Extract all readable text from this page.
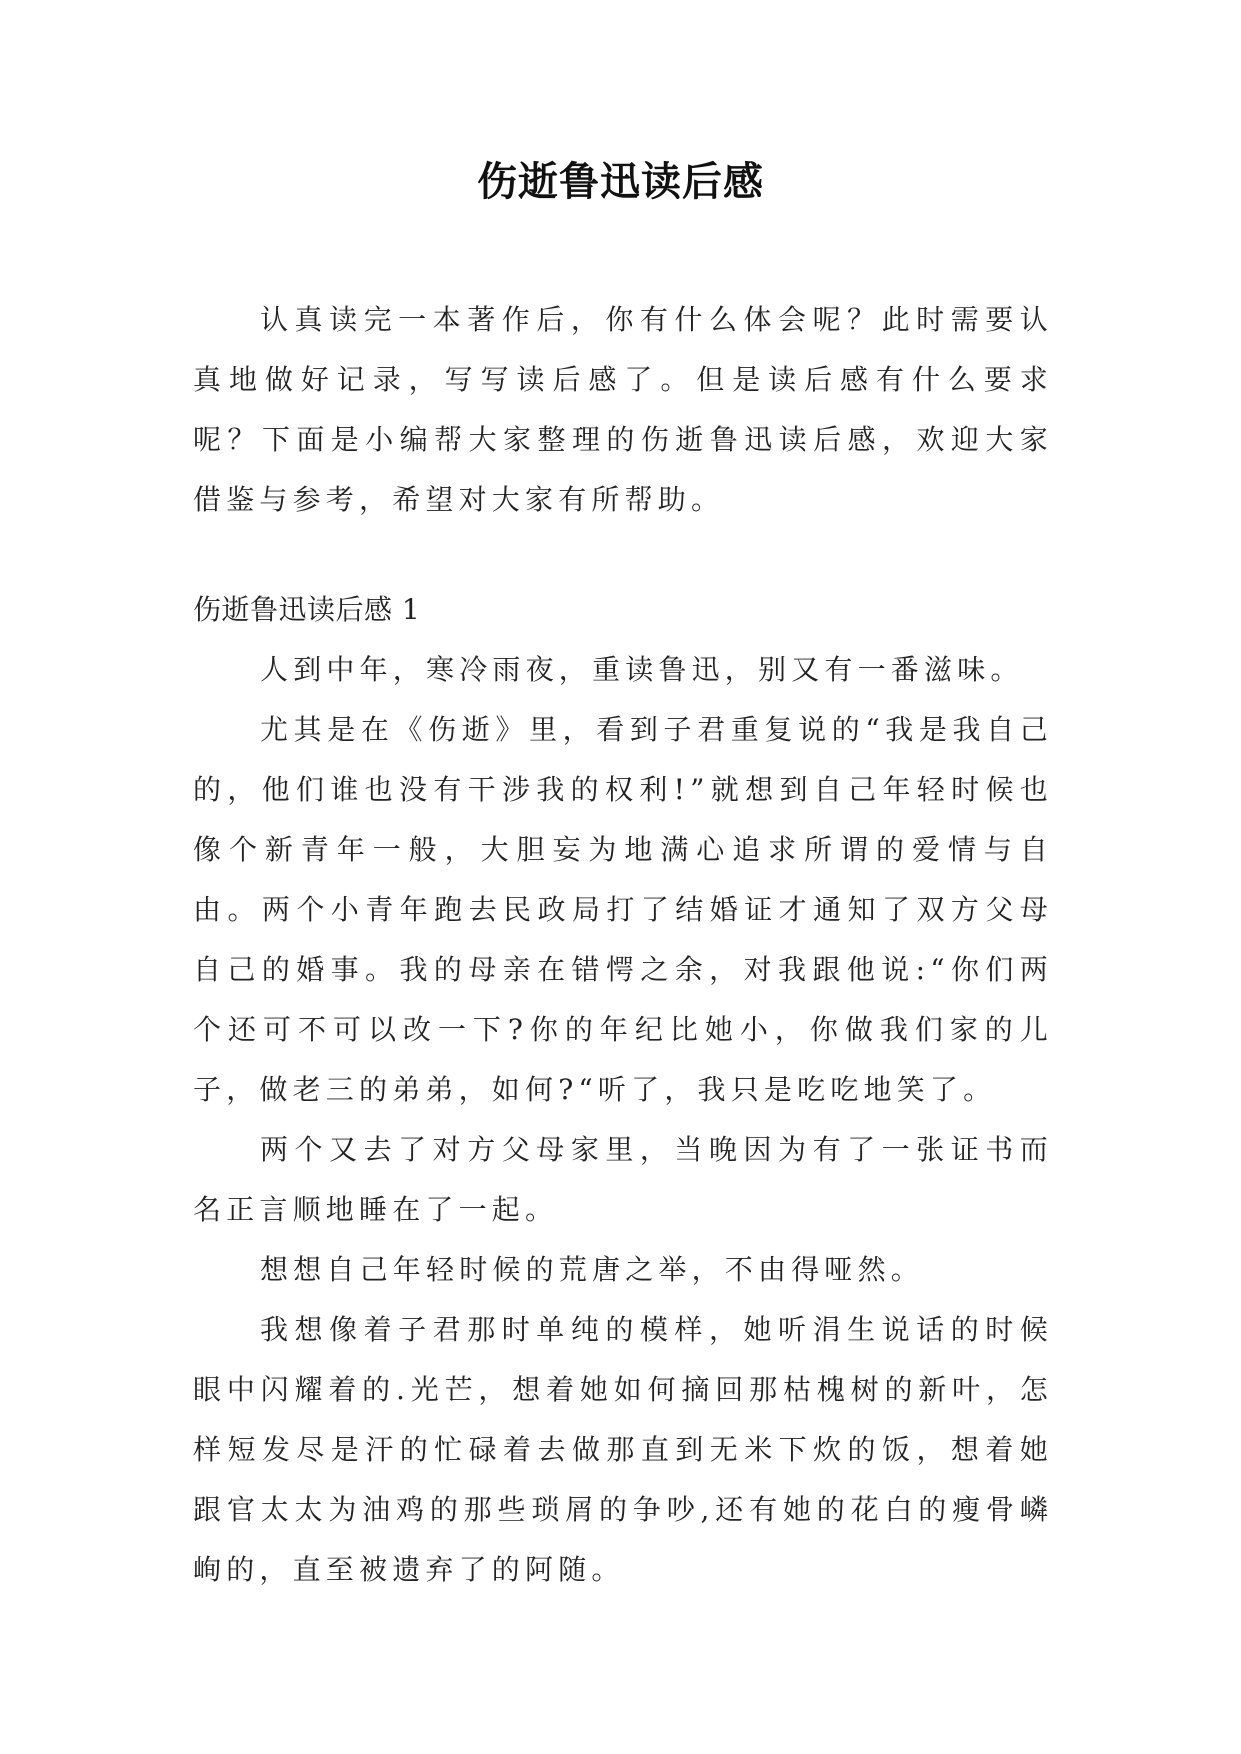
伤逝鲁迅读后感

认真读完一本著作后，你有什么体会呢？此时需要认真地做好记录，写写读后感了。但是读后感有什么要求呢？下面是小编帮大家整理的伤逝鲁迅读后感，欢迎大家借鉴与参考，希望对大家有所帮助。

伤逝鲁迅读后感 1

人到中年，寒冷雨夜，重读鲁迅，别又有一番滋味。

尤其是在《伤逝》里，看到子君重复说的“我是我自己的，他们谁也没有干涉我的权利!”就想到自己年轻时候也像个新青年一般，大胆妄为地满心追求所谓的爱情与自由。两个小青年跑去民政局打了结婚证才通知了双方父母自己的婚事。我的母亲在错愕之余，对我跟他说:“你们两个还可不可以改一下?你的年纪比她小，你做我们家的儿子，做老三的弟弟，如何?“听了，我只是吃吃地笑了。

两个又去了对方父母家里，当晚因为有了一张证书而名正言顺地睡在了一起。

想想自己年轻时候的荒唐之举，不由得哑然。

我想像着子君那时单纯的模样，她听涓生说话的时候眼中闪耀着的.光芒，想着她如何摘回那枯槐树的新叶，怎样短发尽是汗的忙碌着去做那直到无米下炊的饭，想着她跟官太太为油鸡的那些琐屑的争吵,还有她的花白的瘦骨嶙峋的，直至被遗弃了的阿随。
